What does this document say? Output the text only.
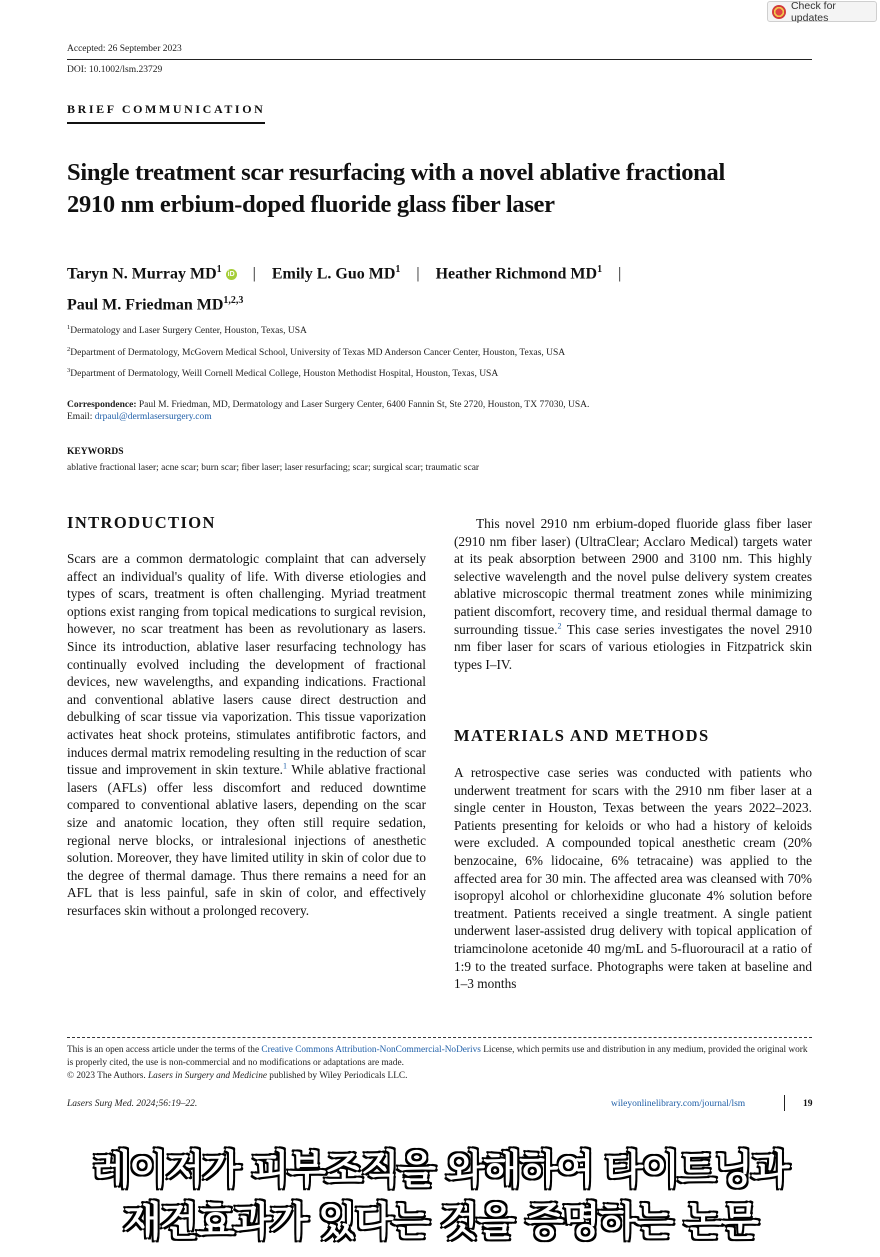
Check for updates
Accepted: 26 September 2023
DOI: 10.1002/lsm.23729
BRIEF COMMUNICATION
Single treatment scar resurfacing with a novel ablative fractional
2910 nm erbium-doped fluoride glass fiber laser
Taryn N. Murray $MD^1$ iD | Emily L. Guo $MD^1$ | Heather Richmond $MD^1$ |
Paul M. Friedman MD$^{1,2,3}$
$^1$Dermatology and Laser Surgery Center, Houston, Texas, USA
$^2$Department of Dermatology, McGovern Medical School, University of Texas MD Anderson Cancer Center, Houston, Texas, USA
$^3$Department of Dermatology, Weill Cornell Medical College, Houston Methodist Hospital, Houston, Texas, USA
Correspondence: Paul M. Friedman, MD, Dermatology and Laser Surgery Center, 6400 Fannin St, Ste 2720, Houston, TX 77030, USA.
Email: drpaul@dermlasersurgery.com
KEYWORDS
ablative fractional laser; acne scar; burn scar; fiber laser; laser resurfacing; scar; surgical scar; traumatic scar
INTRODUCTION

Scars are a common dermatologic complaint that can adversely affect an individual's quality of life. With diverse etiologies and types of scars, treatment is often challenging. Myriad treatment options exist ranging from topical medications to surgical revision, however, no scar treatment has been as revolutionary as lasers. Since its introduction, ablative laser resurfacing technology has continually evolved including the development of fractional devices, new wavelengths, and expanding indications. Fractional and conventional ablative lasers cause direct destruction and debulking of scar tissue via vaporization. This tissue vaporization activates heat shock proteins, stimulates antifibrotic factors, and induces dermal matrix remodeling resulting in the reduction of scar tissue and improvement in skin texture.$^1$ While ablative fractional lasers (AFLs) offer less discomfort and reduced downtime compared to conventional ablative lasers, depending on the scar size and anatomic location, they often still require sedation, regional nerve blocks, or intralesional injections of anesthetic solution. Moreover, they have limited utility in skin of color due to the degree of thermal damage. Thus there remains a need for an AFL that is less painful, safe in skin of color, and effectively resurfaces skin without a prolonged recovery.

This novel 2910 nm erbium-doped fluoride glass fiber laser (2910 nm fiber laser) (UltraClear; Acclaro Medical) targets water at its peak absorption between 2900 and 3100 nm. This highly selective wavelength and the novel pulse delivery system creates ablative microscopic thermal treatment zones while minimizing patient discomfort, recovery time, and residual thermal damage to surrounding tissue.$^2$ This case series investigates the novel 2910 nm fiber laser for scars of various etiologies in Fitzpatrick skin types I–IV.

MATERIALS AND METHODS

A retrospective case series was conducted with patients who underwent treatment for scars with the 2910 nm fiber laser at a single center in Houston, Texas between the years 2022–2023. Patients presenting for keloids or who had a history of keloids were excluded. A compounded topical anesthetic cream (20% benzocaine, 6% lidocaine, 6% tetracaine) was applied to the affected area for 30 min. The affected area was cleansed with 70% isopropyl alcohol or chlorhexidine gluconate 4% solution before treatment. Patients received a single treatment. A single patient underwent laser-assisted drug delivery with topical application of triamcinolone acetonide 40 mg/mL and 5-fluorouracil at a ratio of 1:9 to the treated surface. Photographs were taken at baseline and 1–3 months

This is an open access article under the terms of the Creative Commons Attribution-NonCommercial-NoDerivs License, which permits use and distribution in any medium, provided the original work is properly cited, the use is non-commercial and no modifications or adaptations are made.
© 2023 The Authors. Lasers in Surgery and Medicine published by Wiley Periodicals LLC.
Lasers Surg Med. 2024;56:19–22.	wileyonlinelibrary.com/journal/lsm	19
레이저가 피부조직을 와해하여 타이트닝과
재건효과가 있다는 것을 증명하는 논문
